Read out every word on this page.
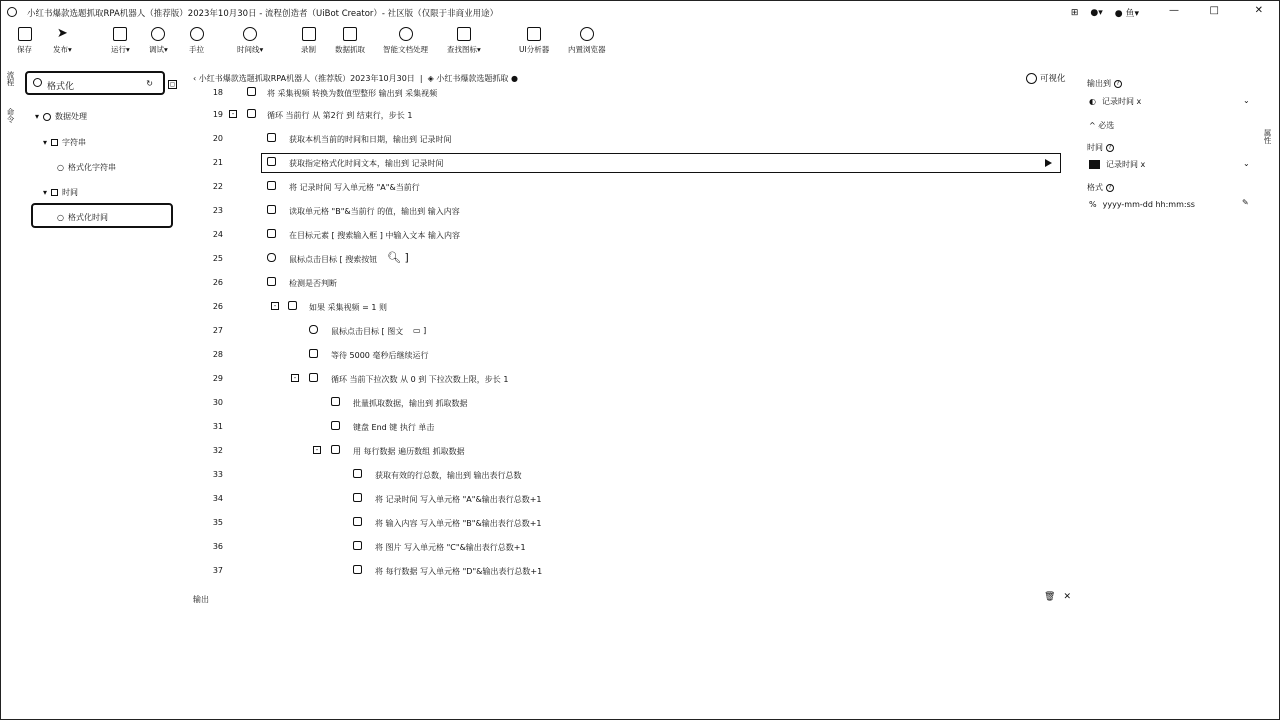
小红书爆款选题抓取RPA机器人（推荐版）2023年10月30日 - 流程创造者（UiBot Creator）- 社区版（仅限于非商业用途）	⊞ ●▾ ● 鱼▾	—	□	✕
保存
➤
发布▾	运行▾	调试▾	手拉	时间线▾	录制	数据抓取 智能文档处理	查找图标▾	UI分析器	内置浏览器
流程
命令
格式化	↻	▢
▾ 数据处理
▾ 字符串
○ 格式化字符串
▾ 时间
○ 格式化时间
‹ 小红书爆款选题抓取RPA机器人（推荐版）2023年10月30日  |  ◈ 小红书爆款选题抓取 ●	可视化
18	将 采集视频 转换为数值型整形 输出到 采集视频
19	-	循环 当前行 从 第2行 到 结束行，步长 1
20	获取本机当前的时间和日期，输出到 记录时间
21	获取指定格式化时间文本，输出到 记录时间
22	将 记录时间 写入单元格 "A"&当前行
23	读取单元格 "B"&当前行 的值，输出到 输入内容
24	在目标元素 [ 搜索输入框 ] 中输入文本 输入内容
25	鼠标点击目标 [ 搜索按钮 🔍︎ ]
26	检测是否判断
26	-	如果 采集视频 = 1 则
27	鼠标点击目标 [ 图文 ▭ ]
28	等待 5000 毫秒后继续运行
29	-	循环 当前下拉次数 从 0 到 下拉次数上限，步长 1
30	批量抓取数据，输出到 抓取数据
31	键盘 End 键 执行 单击
32	-	用 每行数据 遍历数组 抓取数据
33	获取有效的行总数，输出到 输出表行总数
34	将 记录时间 写入单元格 "A"&输出表行总数+1
35	将 输入内容 写入单元格 "B"&输出表行总数+1
36	将 图片 写入单元格 "C"&输出表行总数+1
37	将 每行数据 写入单元格 "D"&输出表行总数+1
输出	🗑︎ ✕
输出到 ?
◐ 记录时间 x	⌄
^ 必选
时间 ?
记录时间 x	⌄
格式 ?
% yyyy-mm-dd hh:mm:ss	✎
属性
